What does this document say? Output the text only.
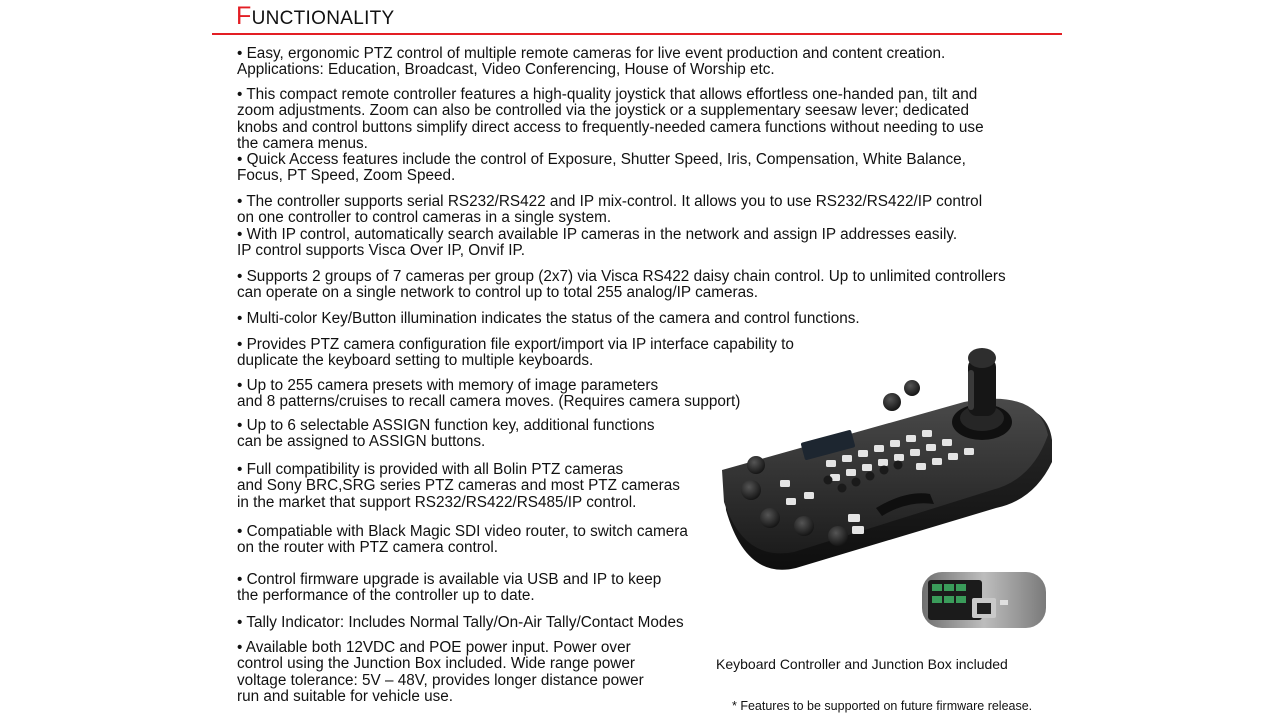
FUNCTIONALITY

• Easy, ergonomic PTZ control of multiple remote cameras for live event production and content creation.
Applications: Education, Broadcast, Video Conferencing, House of Worship etc.

• This compact remote controller features a high-quality joystick that allows effortless one-handed pan, tilt and
zoom adjustments. Zoom can also be controlled via the joystick or a supplementary seesaw lever; dedicated
knobs and control buttons simplify direct access to frequently-needed camera functions without needing to use
the camera menus.
• Quick Access features include the control of Exposure, Shutter Speed, Iris, Compensation, White Balance,
Focus, PT Speed, Zoom Speed.

• The controller supports serial RS232/RS422 and IP mix-control. It allows you to use RS232/RS422/IP control
on one controller to control cameras in a single system.
• With IP control, automatically search available IP cameras in the network and assign IP addresses easily.
IP control supports Visca Over IP, Onvif IP.

• Supports 2 groups of 7 cameras per group (2x7) via Visca RS422 daisy chain control. Up to unlimited controllers
can operate on a single network to control up to total 255 analog/IP cameras.

• Multi-color Key/Button illumination indicates the status of the camera and control functions.

• Provides PTZ camera configuration file export/import via IP interface capability to
duplicate the keyboard setting to multiple keyboards.

• Up to 255 camera presets with memory of image parameters
and 8 patterns/cruises to recall camera moves. (Requires camera support)

• Up to 6 selectable ASSIGN function key, additional functions
can be assigned to ASSIGN buttons.

• Full compatibility is provided with all Bolin PTZ cameras
and Sony BRC,SRG series PTZ cameras and most PTZ cameras
in the market that support RS232/RS422/RS485/IP control.

• Compatiable with Black Magic SDI video router, to switch camera
on the router with PTZ camera control.

• Control firmware upgrade is available via USB and IP to keep
the performance of the controller up to date.

• Tally Indicator: Includes Normal Tally/On-Air Tally/Contact Modes

• Available both 12VDC and POE power input. Power over
control using the Junction Box included. Wide range power
voltage tolerance: 5V – 48V, provides longer distance power
run and suitable for vehicle use.

Keyboard Controller and Junction Box included
* Features to be supported on future firmware release.
